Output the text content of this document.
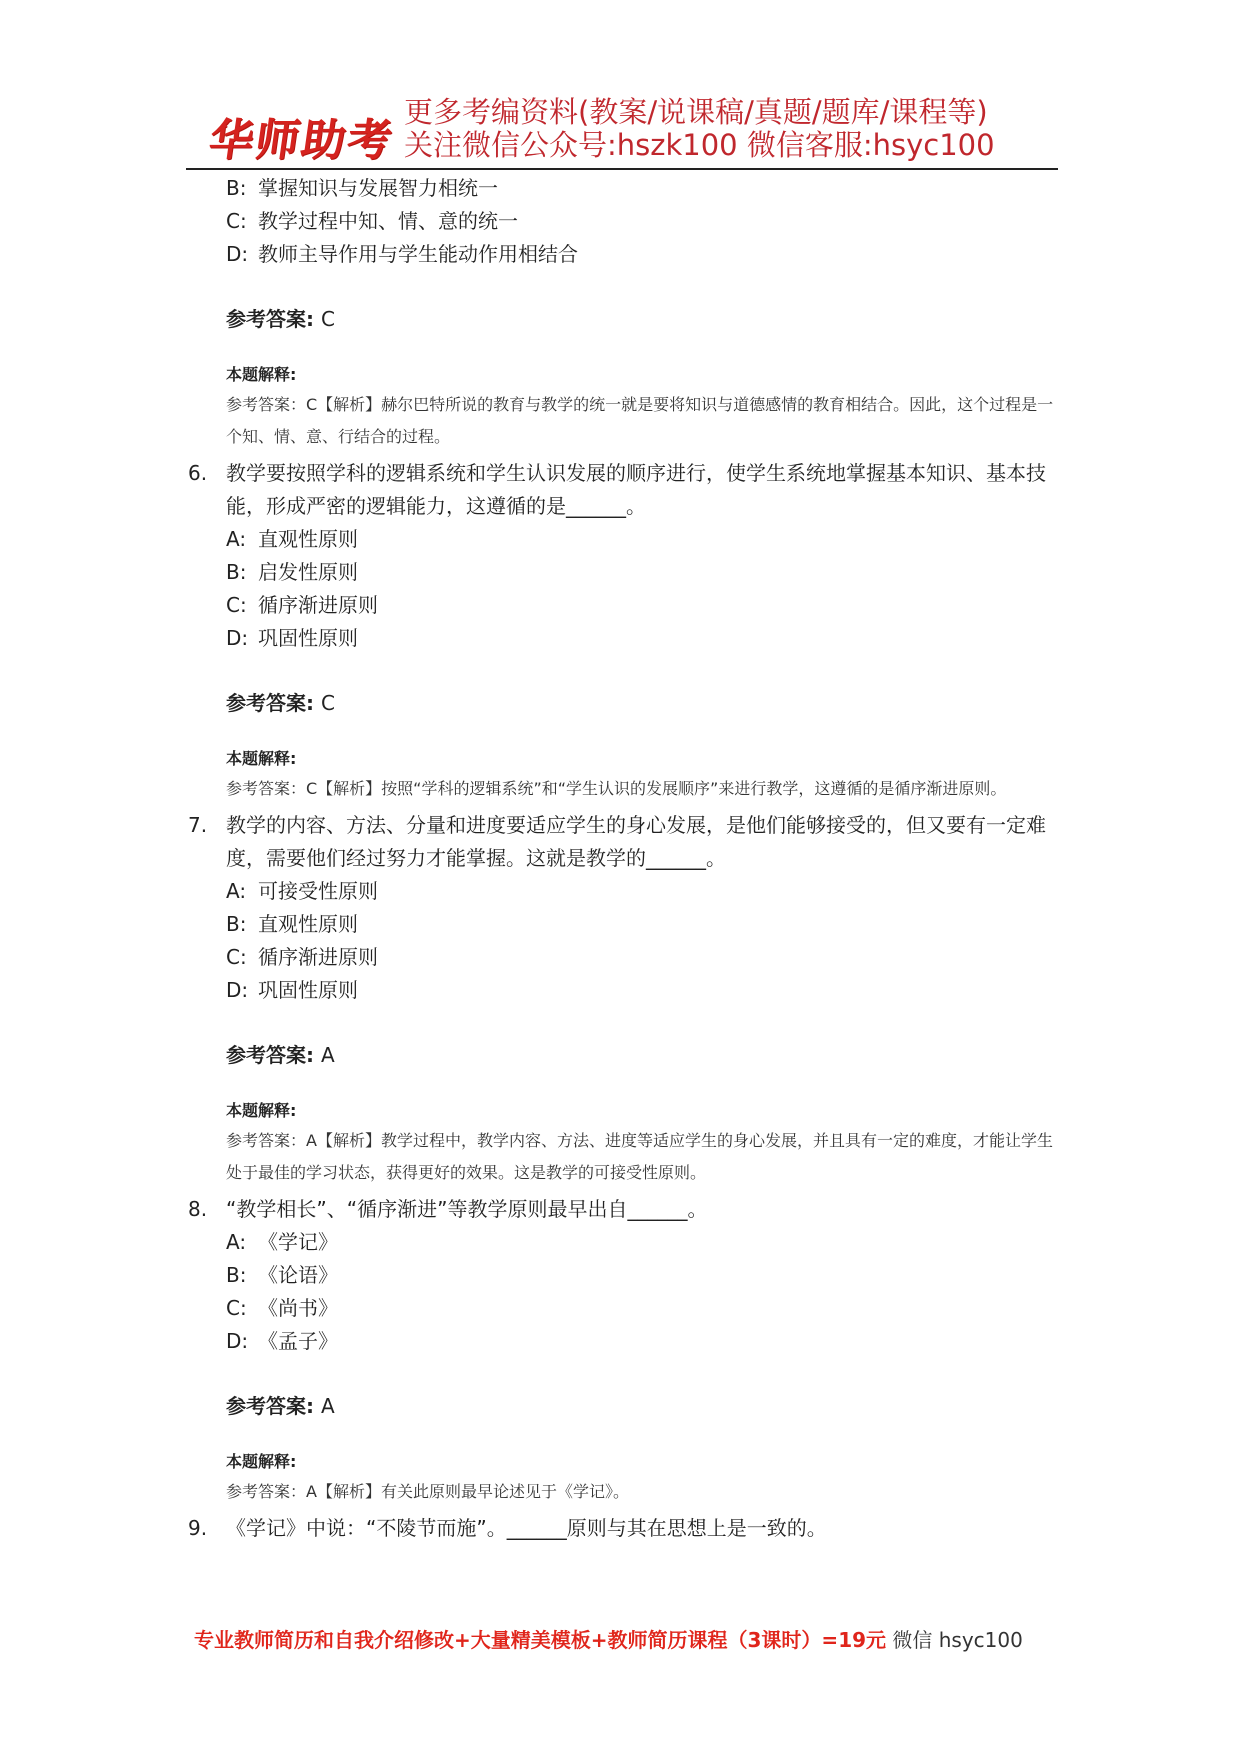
华师助考
更多考编资料(教案/说课稿/真题/题库/课程等)
关注微信公众号:hszk100 微信客服:hsyc100
B: 掌握知识与发展智力相统一
C: 教学过程中知、情、意的统一
D: 教师主导作用与学生能动作用相结合
参考答案: C
本题解释:
参考答案：C【解析】赫尔巴特所说的教育与教学的统一就是要将知识与道德感情的教育相结合。因此，这个过程是一个知、情、意、行结合的过程。
6. 教学要按照学科的逻辑系统和学生认识发展的顺序进行，使学生系统地掌握基本知识、基本技能，形成严密的逻辑能力，这遵循的是______。
A: 直观性原则
B: 启发性原则
C: 循序渐进原则
D: 巩固性原则
参考答案: C
本题解释:
参考答案：C【解析】按照“学科的逻辑系统”和“学生认识的发展顺序”来进行教学，这遵循的是循序渐进原则。
7. 教学的内容、方法、分量和进度要适应学生的身心发展，是他们能够接受的，但又要有一定难度，需要他们经过努力才能掌握。这就是教学的______。
A: 可接受性原则
B: 直观性原则
C: 循序渐进原则
D: 巩固性原则
参考答案: A
本题解释:
参考答案：A【解析】教学过程中，教学内容、方法、进度等适应学生的身心发展，并且具有一定的难度，才能让学生处于最佳的学习状态，获得更好的效果。这是教学的可接受性原则。
8. “教学相长”、“循序渐进”等教学原则最早出自______。
A: 《学记》
B: 《论语》
C: 《尚书》
D: 《孟子》
参考答案: A
本题解释:
参考答案：A【解析】有关此原则最早论述见于《学记》。
9. 《学记》中说：“不陵节而施”。______原则与其在思想上是一致的。
专业教师简历和自我介绍修改+大量精美模板+教师简历课程（3课时）=19元 微信 hsyc100
